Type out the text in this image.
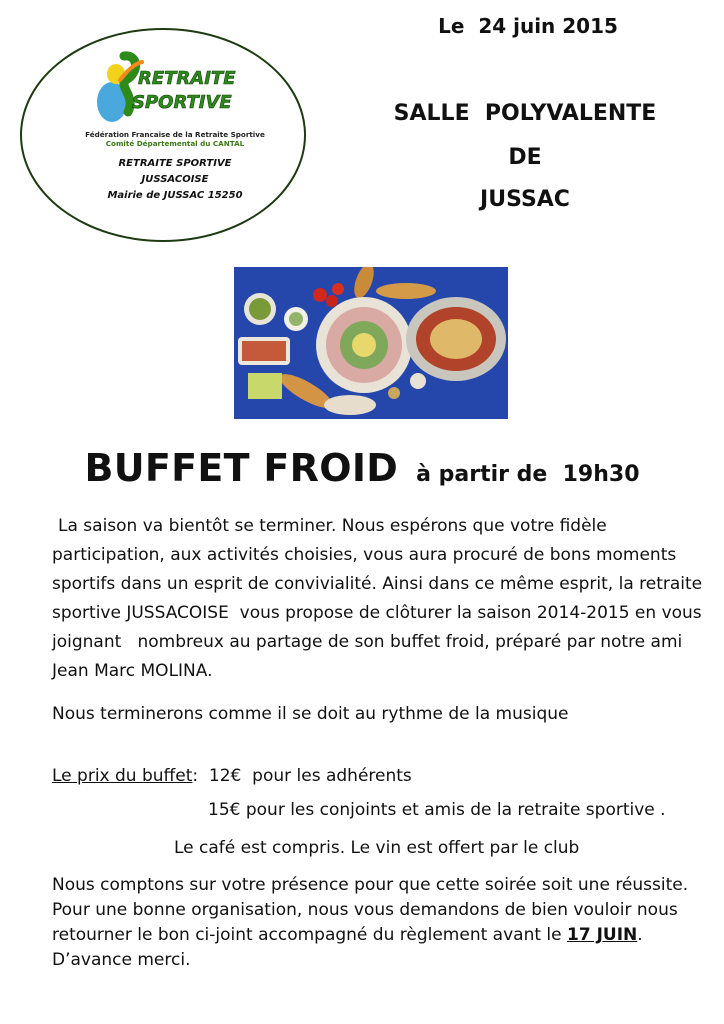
RETRAITE
SPORTIVE
Fédération Francaise de la Retraite Sportive
Comité Départemental du CANTAL
RETRAITE SPORTIVE
JUSSACOISE
Mairie de JUSSAC 15250
Le  24 juin 2015
SALLE  POLYVALENTE
DE
JUSSAC
BUFFET FROID à partir de  19h30
La saison va bientôt se terminer. Nous espérons que votre fidèle participation, aux activités choisies, vous aura procuré de bons moments sportifs dans un esprit de convivialité. Ainsi dans ce même esprit, la retraite sportive JUSSACOISE  vous propose de clôturer la saison 2014-2015 en vous joignant   nombreux au partage de son buffet froid, préparé par notre ami Jean Marc MOLINA.
Nous terminerons comme il se doit au rythme de la musique
Le prix du buffet:  12€  pour les adhérents
15€ pour les conjoints et amis de la retraite sportive .
Le café est compris. Le vin est offert par le club
Nous comptons sur votre présence pour que cette soirée soit une réussite. Pour une bonne organisation, nous vous demandons de bien vouloir nous retourner le bon ci-joint accompagné du règlement avant le 17 JUIN. D’avance merci.
